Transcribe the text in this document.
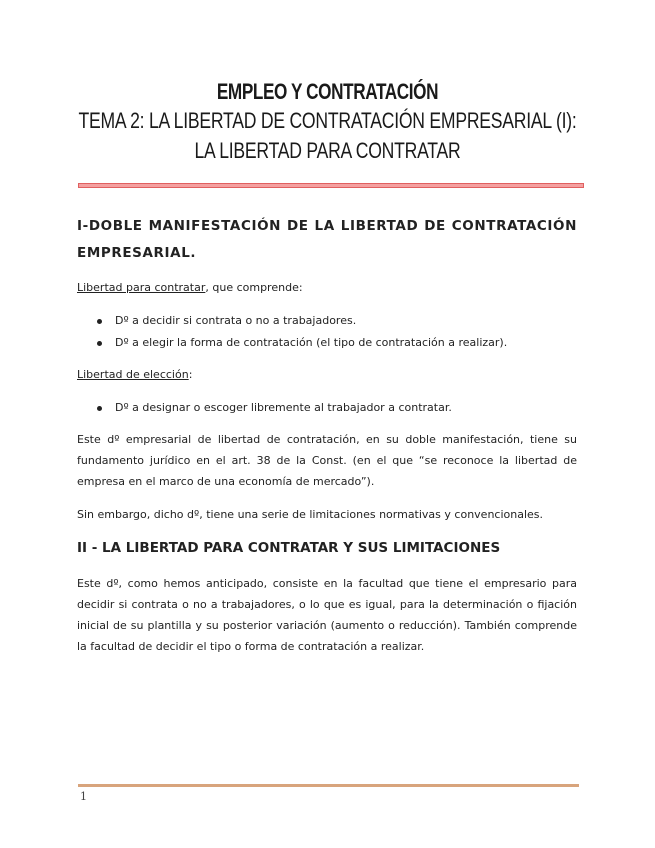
EMPLEO Y CONTRATACIÓN
TEMA 2: LA LIBERTAD DE CONTRATACIÓN EMPRESARIAL (I):
LA LIBERTAD PARA CONTRATAR
I-DOBLE MANIFESTACIÓN DE LA LIBERTAD DE CONTRATACIÓN EMPRESARIAL.

Libertad para contratar, que comprende:

Dº a decidir si contrata o no a trabajadores.
Dº a elegir la forma de contratación (el tipo de contratación a realizar).

Libertad de elección:

Dº a designar o escoger libremente al trabajador a contratar.

Este dº empresarial de libertad de contratación, en su doble manifestación, tiene su fundamento jurídico en el art. 38 de la Const. (en el que “se reconoce la libertad de empresa en el marco de una economía de mercado”).

Sin embargo, dicho dº, tiene una serie de limitaciones normativas y convencionales.

II - LA LIBERTAD PARA CONTRATAR Y SUS LIMITACIONES

Este dº, como hemos anticipado, consiste en la facultad que tiene el empresario para decidir si contrata o no a trabajadores, o lo que es igual, para la determinación o fijación inicial de su plantilla y su posterior variación (aumento o reducción). También comprende la facultad de decidir el tipo o forma de contratación a realizar.

1
